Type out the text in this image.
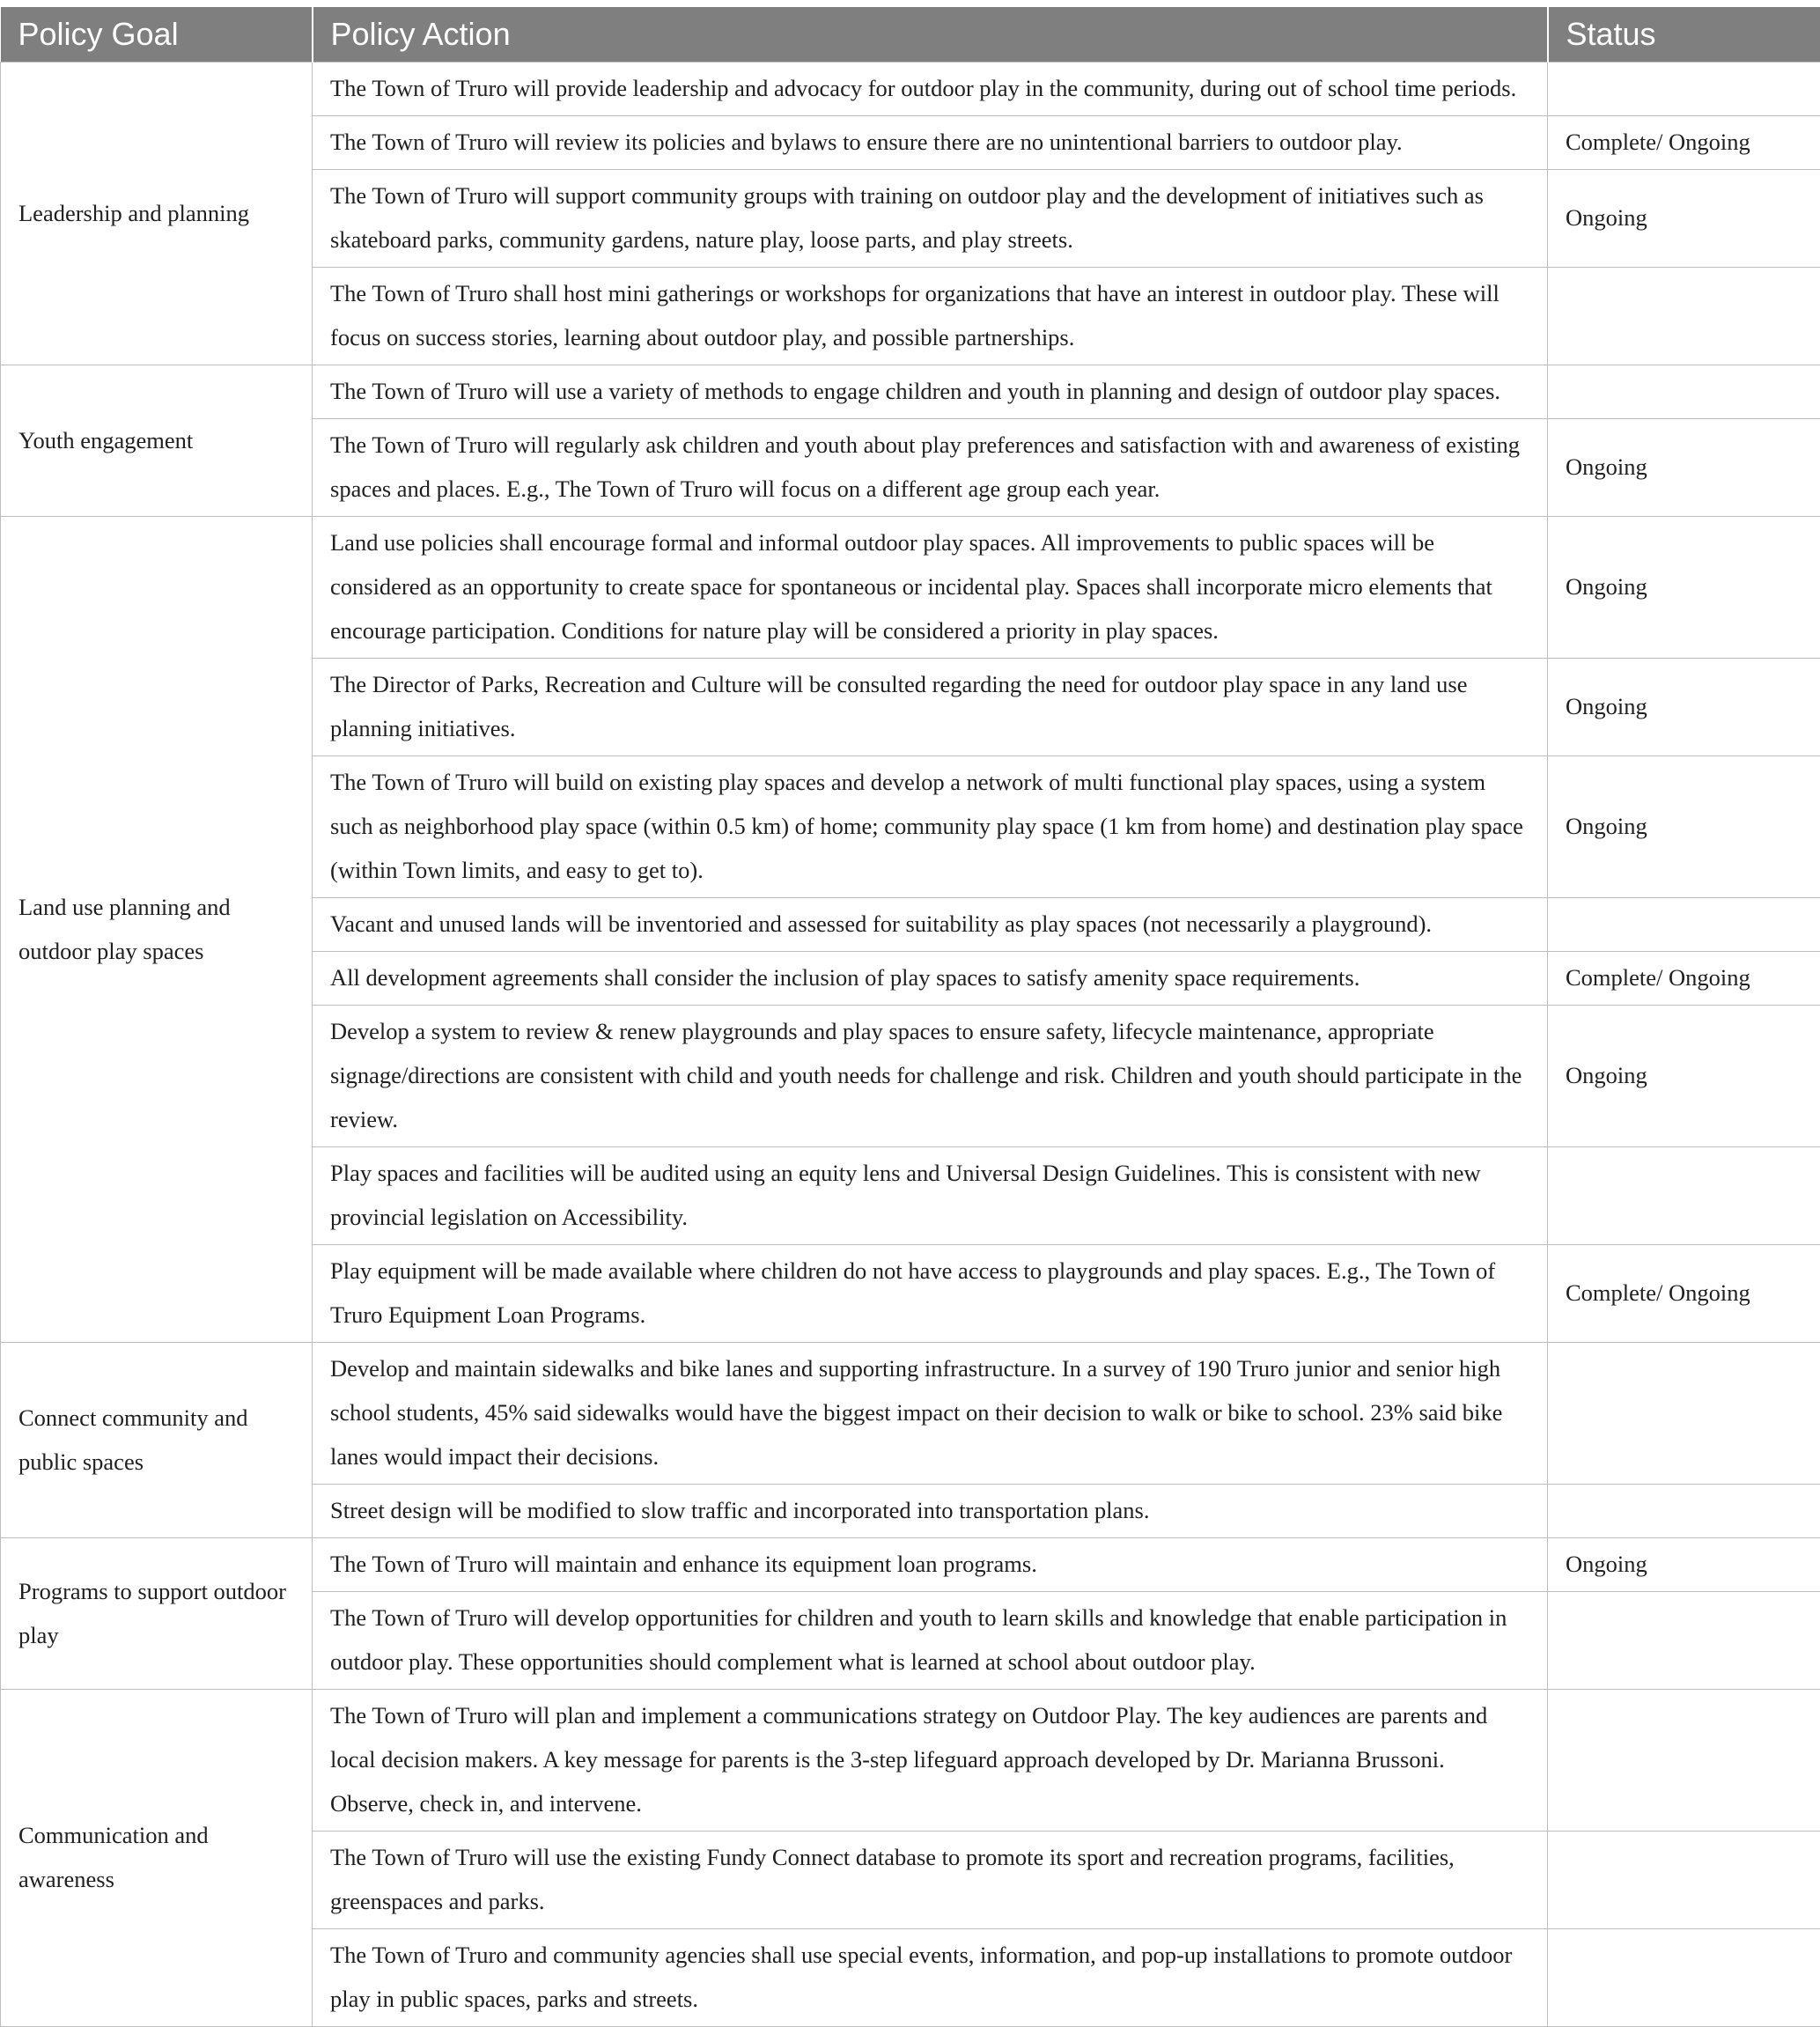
Policy Goal	Policy Action	Status
Leadership and planning	The Town of Truro will provide leadership and advocacy for outdoor play in the community, during out of school time periods.	
	The Town of Truro will review its policies and bylaws to ensure there are no unintentional barriers to outdoor play.	Complete/ Ongoing
	The Town of Truro will support community groups with training on outdoor play and the development of initiatives such as skateboard parks, community gardens, nature play, loose parts, and play streets.	Ongoing
	The Town of Truro shall host mini gatherings or workshops for organizations that have an interest in outdoor play. These will focus on success stories, learning about outdoor play, and possible partnerships.	
Youth engagement	The Town of Truro will use a variety of methods to engage children and youth in planning and design of outdoor play spaces.	
	The Town of Truro will regularly ask children and youth about play preferences and satisfaction with and awareness of existing spaces and places. E.g., The Town of Truro will focus on a different age group each year.	Ongoing
Land use planning and outdoor play spaces	Land use policies shall encourage formal and informal outdoor play spaces. All improvements to public spaces will be considered as an opportunity to create space for spontaneous or incidental play. Spaces shall incorporate micro elements that encourage participation. Conditions for nature play will be considered a priority in play spaces.	Ongoing
	The Director of Parks, Recreation and Culture will be consulted regarding the need for outdoor play space in any land use planning initiatives.	Ongoing
	The Town of Truro will build on existing play spaces and develop a network of multi functional play spaces, using a system such as neighborhood play space (within 0.5 km) of home; community play space (1 km from home) and destination play space (within Town limits, and easy to get to).	Ongoing
	Vacant and unused lands will be inventoried and assessed for suitability as play spaces (not necessarily a playground).	
	All development agreements shall consider the inclusion of play spaces to satisfy amenity space requirements.	Complete/ Ongoing
	Develop a system to review & renew playgrounds and play spaces to ensure safety, lifecycle maintenance, appropriate signage/directions are consistent with child and youth needs for challenge and risk. Children and youth should participate in the review.	Ongoing
	Play spaces and facilities will be audited using an equity lens and Universal Design Guidelines. This is consistent with new provincial legislation on Accessibility.	
	Play equipment will be made available where children do not have access to playgrounds and play spaces. E.g., The Town of Truro Equipment Loan Programs.	Complete/ Ongoing
Connect community and public spaces	Develop and maintain sidewalks and bike lanes and supporting infrastructure. In a survey of 190 Truro junior and senior high school students, 45% said sidewalks would have the biggest impact on their decision to walk or bike to school. 23% said bike lanes would impact their decisions.	
	Street design will be modified to slow traffic and incorporated into transportation plans.	
Programs to support outdoor play	The Town of Truro will maintain and enhance its equipment loan programs.	Ongoing
	The Town of Truro will develop opportunities for children and youth to learn skills and knowledge that enable participation in outdoor play. These opportunities should complement what is learned at school about outdoor play.	
Communication and awareness	The Town of Truro will plan and implement a communications strategy on Outdoor Play. The key audiences are parents and local decision makers. A key message for parents is the 3-step lifeguard approach developed by Dr. Marianna Brussoni. Observe, check in, and intervene.	
	The Town of Truro will use the existing Fundy Connect database to promote its sport and recreation programs, facilities, greenspaces and parks.	
	The Town of Truro and community agencies shall use special events, information, and pop-up installations to promote outdoor play in public spaces, parks and streets.	
